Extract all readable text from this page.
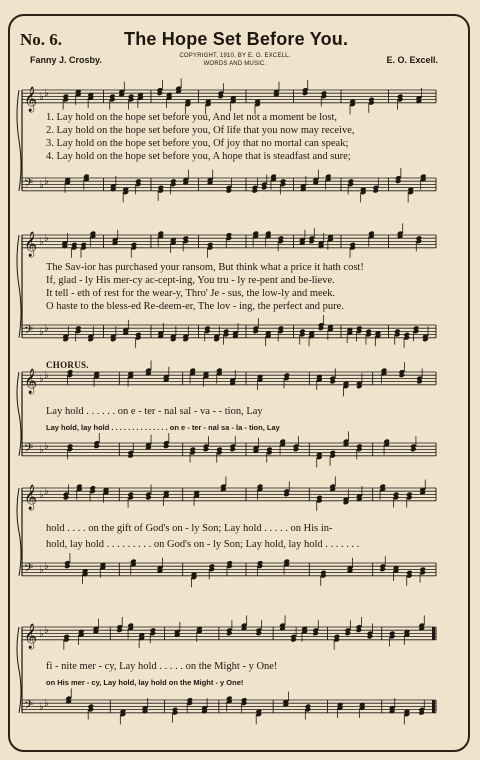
No. 6.	The Hope Set Before You.
Fanny J. Crosby.	COPYRIGHT, 1910, BY E. O. EXCELL.
WORDS AND MUSIC.	E. O. Excell.
𝄞 ♭ ♭
𝄢 ♭ ♭
𝄞 ♭ ♭
𝄢 ♭ ♭
𝄞 ♭ ♭
𝄢 ♭ ♭
𝄞 ♭ ♭
𝄢 ♭ ♭
𝄞 ♭ ♭
𝄢 ♭ ♭
1. Lay hold on the hope set before you, And let not a moment be lost,
2. Lay hold on the hope set before you, Of life that you now may receive,
3. Lay hold on the hope set before you, Of joy that no mortal can speak;
4. Lay hold on the hope set before you, A hope that is steadfast and sure;
The Sav-ior has purchased your ransom, But think what a price it hath cost!
If, glad - ly His mer-cy ac-cept-ing, You tru - ly re-pent and be-lieve.
It tell - eth of rest for the wear-y, Thro' Je - sus, the low-ly and meek.
O haste to the bless-ed Re-deem-er, The lov - ing, the perfect and pure.
CHORUS.
Lay hold . . . . . . on e - ter - nal sal - va - - tion, Lay
Lay hold, lay hold . . . . . . . . . . . . . . on e - ter - nal sa - la - tion, Lay
hold . . . . on the gift of God's on - ly Son; Lay hold . . . . . on His in-
hold, lay hold . . . . . . . . . on God's on - ly Son; Lay hold, lay hold . . . . . . .
fi - nite mer - cy, Lay hold . . . . . on the Might - y One!
on His mer - cy, Lay hold, lay hold on the Might - y One!
